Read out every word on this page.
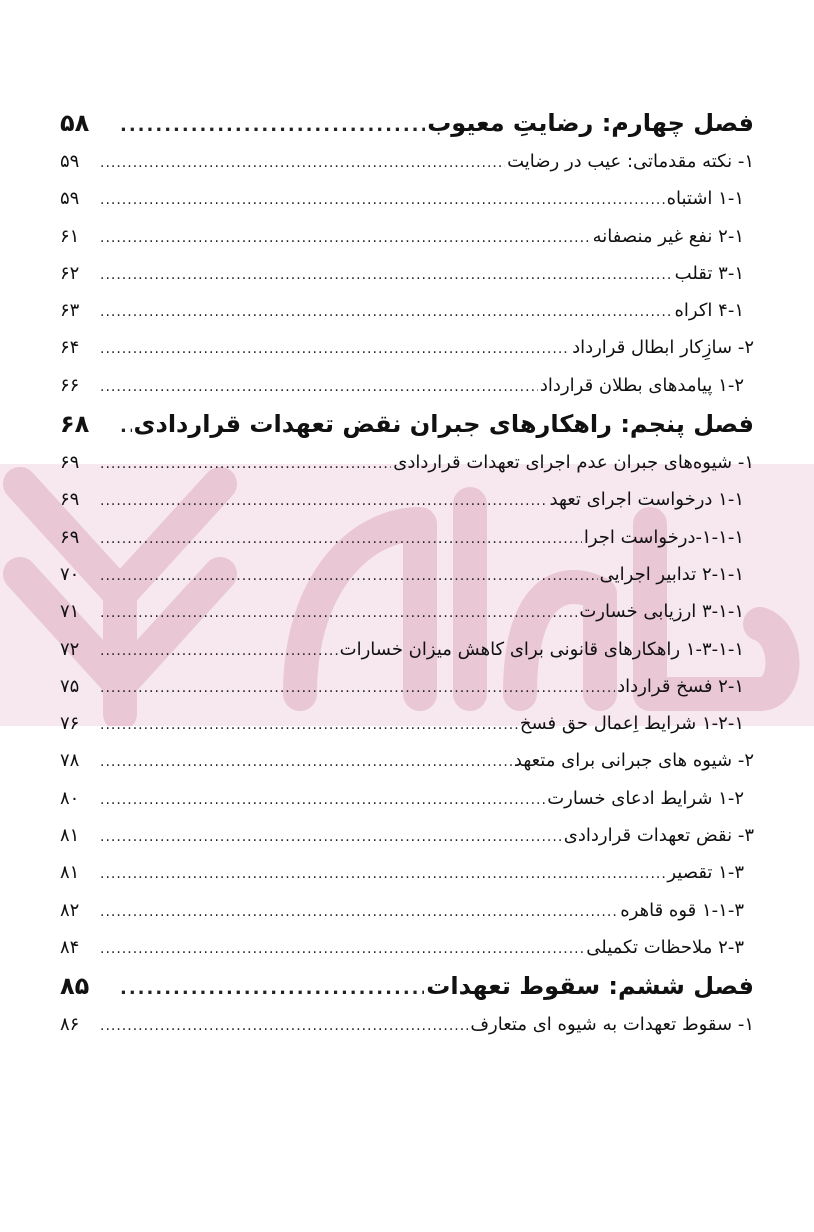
فصل چهارم: رضایتِ معیوب
.....
۵۸
۱- نکته مقدماتی: عیب در رضایت
.....
۵۹
۱-۱ اشتباه
.....
۵۹
۲-۱ نفع غیر منصفانه
.....
۶۱
۳-۱ تقلب
.....
۶۲
۴-۱ اکراه
.....
۶۳
۲- سازِکار ابطال قرارداد
.....
۶۴
۱-۲ پیامدهای بطلان قرارداد
.....
۶۶
فصل پنجم: راهکارهای جبران نقض تعهدات قراردادی
.....
۶۸
۱- شیوه‌های جبران عدم اجرای تعهدات قراردادی
.....
۶۹
۱-۱ درخواست اجرای تعهد
.....
۶۹
۱-۱-۱-درخواست اجرا
.....
۶۹
۲-۱-۱ تدابیر اجرایی
.....
۷۰
۳-۱-۱ ارزیابی خسارت
.....
۷۱
۱-۳-۱-۱ راهکارهای قانونی برای کاهش میزان خسارات
.....
۷۲
۲-۱ فسخ قرارداد
.....
۷۵
۱-۲-۱ شرایط اِعمال حق فسخ
.....
۷۶
۲- شیوه های جبرانی برای متعهد
.....
۷۸
۱-۲ شرایط ادعای خسارت
.....
۸۰
۳- نقض تعهدات قراردادی
.....
۸۱
۱-۳ تقصیر
.....
۸۱
۱-۱-۳ قوه قاهره
.....
۸۲
۲-۳ ملاحظات تکمیلی
.....
۸۴
فصل ششم: سقوط تعهدات
.....
۸۵
۱- سقوط تعهدات به شیوه ای متعارف
.....
۸۶
